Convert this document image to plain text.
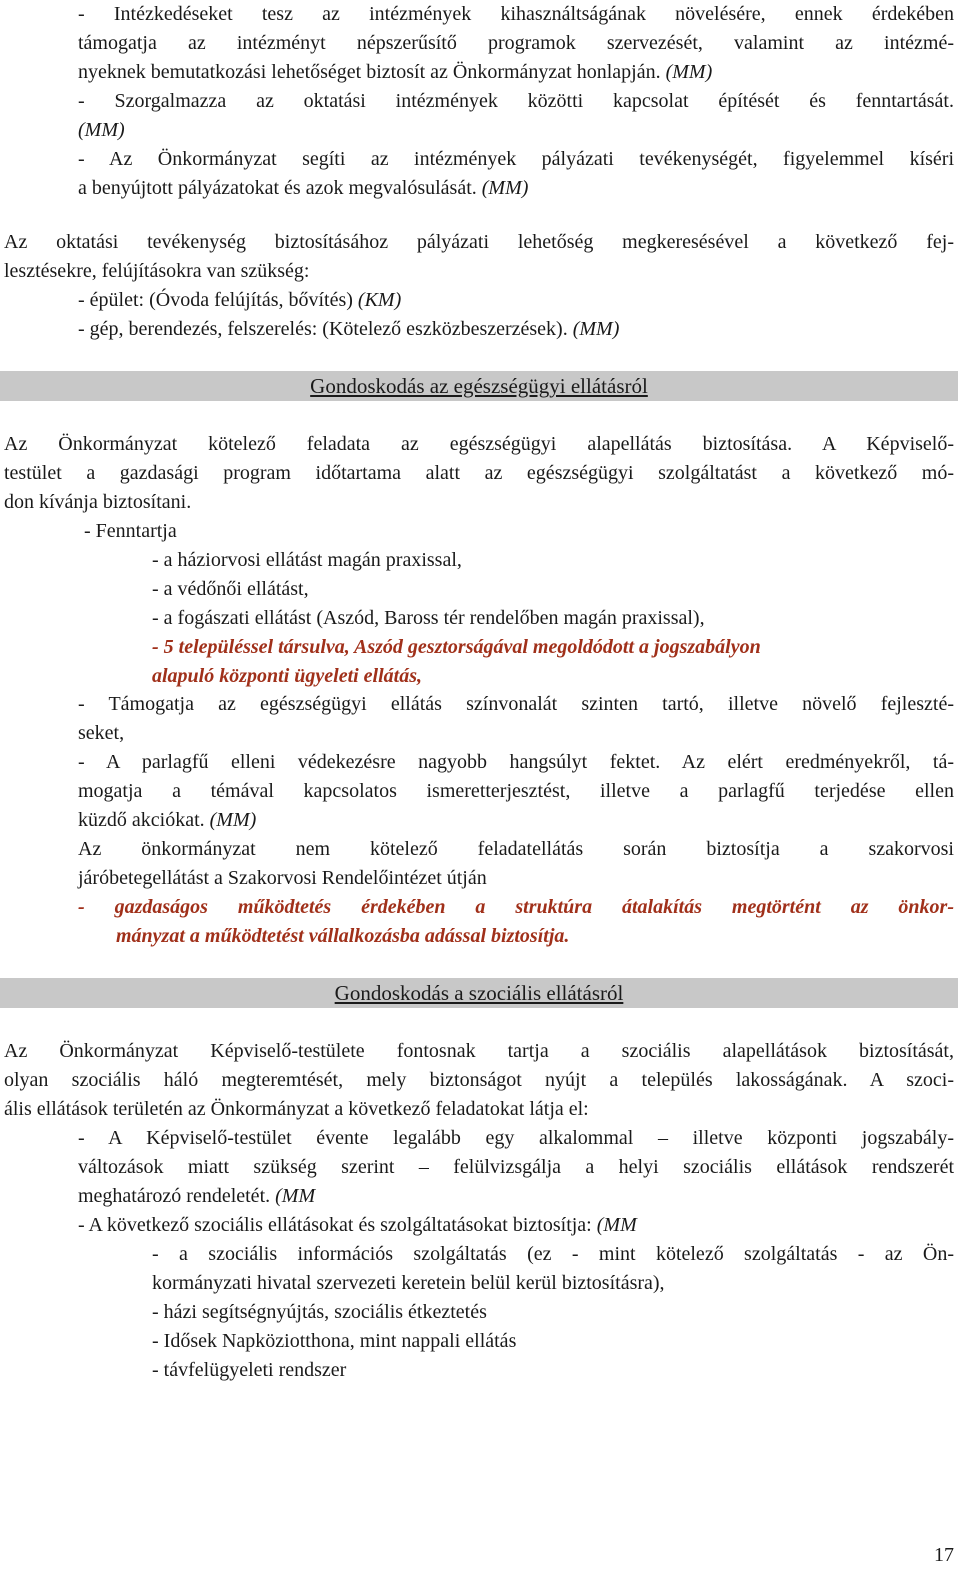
- Intézkedéseket tesz az intézmények kihasználtságának növelésére, ennek érdekében
támogatja az intézményt népszerűsítő programok szervezését, valamint az intézmé-
nyeknek bemutatkozási lehetőséget biztosít az Önkormányzat honlapján. (MM)
- Szorgalmazza az oktatási intézmények közötti kapcsolat építését és fenntartását.
(MM)
- Az Önkormányzat segíti az intézmények pályázati tevékenységét, figyelemmel kíséri
a benyújtott pályázatokat és azok megvalósulását. (MM)
Az oktatási tevékenység biztosításához pályázati lehetőség megkeresésével a következő fej-
lesztésekre, felújításokra van szükség:
- épület: (Óvoda felújítás, bővítés) (KM)
- gép, berendezés, felszerelés: (Kötelező eszközbeszerzések). (MM)
Gondoskodás az egészségügyi ellátásról
Az Önkormányzat kötelező feladata az egészségügyi alapellátás biztosítása. A Képviselő-
testület a gazdasági program időtartama alatt az egészségügyi szolgáltatást a következő mó-
don kívánja biztosítani.
- Fenntartja
- a háziorvosi ellátást magán praxissal,
- a védőnői ellátást,
- a fogászati ellátást (Aszód, Baross tér rendelőben magán praxissal),
- 5 településsel társulva, Aszód gesztorságával megoldódott a jogszabályon
alapuló központi ügyeleti ellátás,
- Támogatja az egészségügyi ellátás színvonalát szinten tartó, illetve növelő fejleszté-
seket,
- A parlagfű elleni védekezésre nagyobb hangsúlyt fektet. Az elért eredményekről, tá-
mogatja a témával kapcsolatos ismeretterjesztést, illetve a parlagfű terjedése ellen
küzdő akciókat. (MM)
Az önkormányzat nem kötelező feladatellátás során biztosítja a szakorvosi
járóbetegellátást a Szakorvosi Rendelőintézet útján
- gazdaságos működtetés érdekében a struktúra átalakítás megtörtént az önkor-
mányzat a működtetést vállalkozásba adással biztosítja.
Gondoskodás a szociális ellátásról
Az Önkormányzat Képviselő-testülete fontosnak tartja a szociális alapellátások biztosítását,
olyan szociális háló megteremtését, mely biztonságot nyújt a település lakosságának. A szoci-
ális ellátások területén az Önkormányzat a következő feladatokat látja el:
- A Képviselő-testület évente legalább egy alkalommal – illetve központi jogszabály-
változások miatt szükség szerint – felülvizsgálja a helyi szociális ellátások rendszerét
meghatározó rendeletét. (MM
- A következő szociális ellátásokat és szolgáltatásokat biztosítja: (MM
- a szociális információs szolgáltatás (ez - mint kötelező szolgáltatás - az Ön-
kormányzati hivatal szervezeti keretein belül kerül biztosításra),
- házi segítségnyújtás, szociális étkeztetés
- Idősek Napköziotthona, mint nappali ellátás
- távfelügyeleti rendszer
17
